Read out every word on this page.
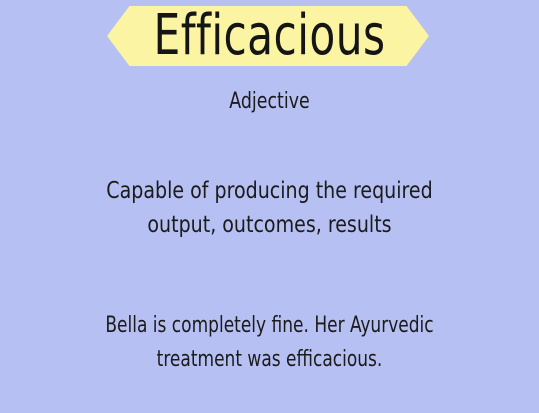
Efficacious
Adjective
Capable of producing the required
output, outcomes, results
Bella is completely fine. Her Ayurvedic
treatment was efficacious.
